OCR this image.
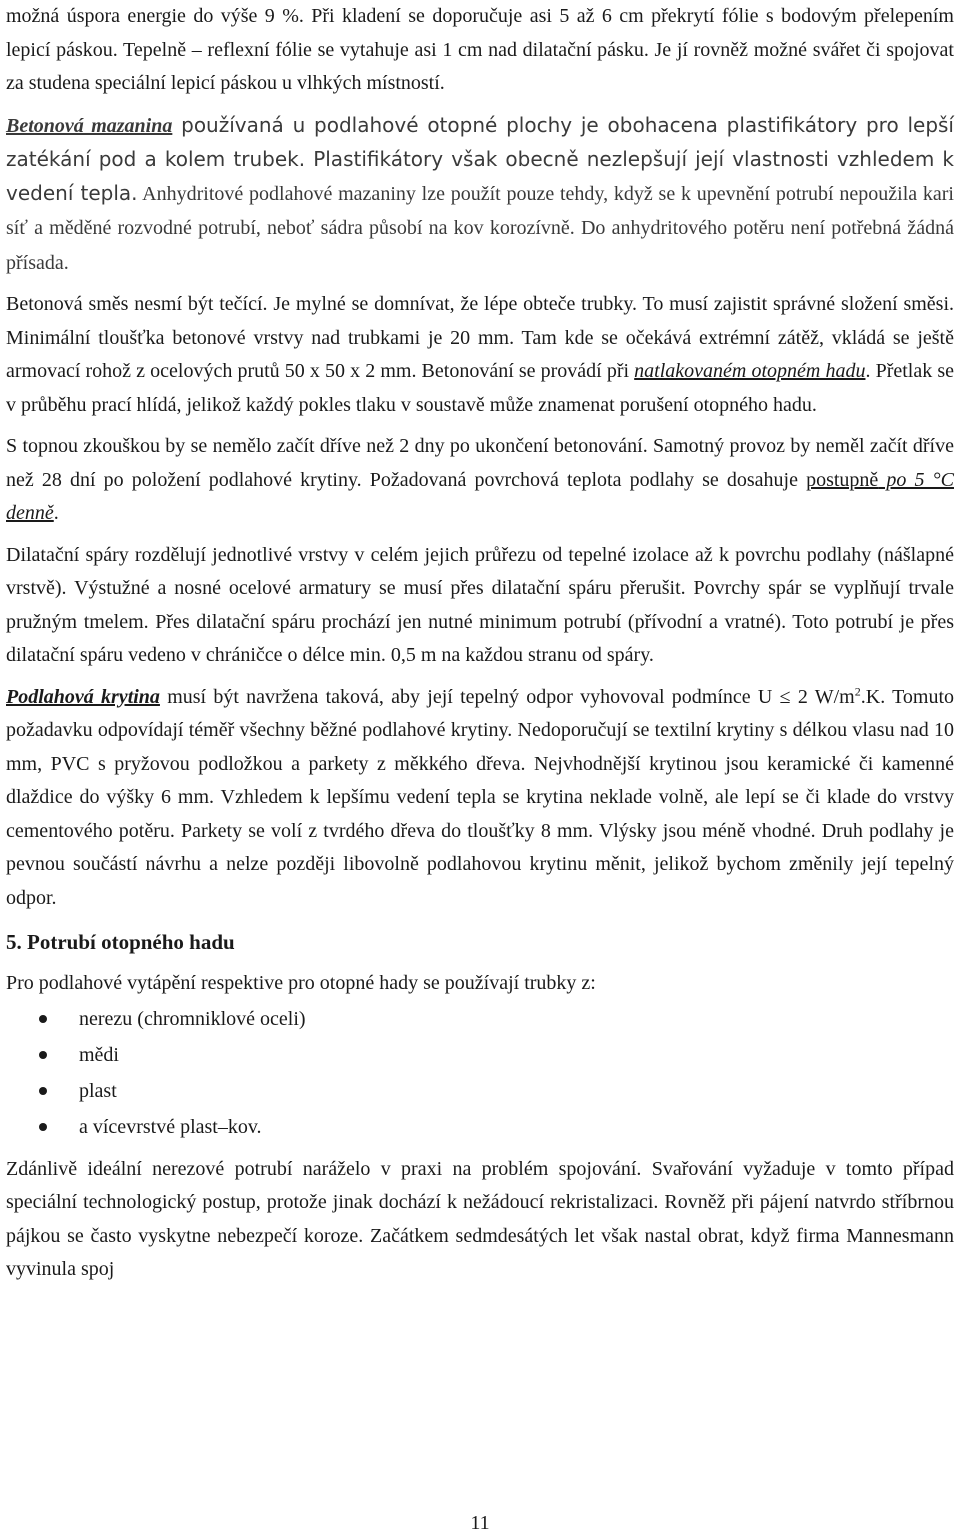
možná úspora energie do výše 9 %. Při kladení se doporučuje asi 5 až 6 cm překrytí fólie s bodovým přelepením lepicí páskou. Tepelně – reflexní fólie se vytahuje asi 1 cm nad dilatační pásku. Je jí rovněž možné svářet či spojovat za studena speciální lepicí páskou u vlhkých místností.

Betonová mazanina používaná u podlahové otopné plochy je obohacena plastifikátory pro lepší zatékání pod a kolem trubek. Plastifikátory však obecně nezlepšují její vlastnosti vzhledem k vedení tepla. Anhydritové podlahové mazaniny lze použít pouze tehdy, když se k upevnění potrubí nepoužila kari síť a měděné rozvodné potrubí, neboť sádra působí na kov korozívně. Do anhydritového potěru není potřebná žádná přísada.

Betonová směs nesmí být tečící. Je mylné se domnívat, že lépe obteče trubky. To musí zajistit správné složení směsi. Minimální tloušťka betonové vrstvy nad trubkami je 20 mm. Tam kde se očekává extrémní zátěž, vkládá se ještě armovací rohož z ocelových prutů 50 x 50 x 2 mm. Betonování se provádí při natlakovaném otopném hadu. Přetlak se v průběhu prací hlídá, jelikož každý pokles tlaku v soustavě může znamenat porušení otopného hadu.

S topnou zkouškou by se nemělo začít dříve než 2 dny po ukončení betonování. Samotný provoz by neměl začít dříve než 28 dní po položení podlahové krytiny. Požadovaná povrchová teplota podlahy se dosahuje postupně po 5 °C denně.

Dilatační spáry rozdělují jednotlivé vrstvy v celém jejich průřezu od tepelné izolace až k povrchu podlahy (nášlapné vrstvě). Výstužné a nosné ocelové armatury se musí přes dilatační spáru přerušit. Povrchy spár se vyplňují trvale pružným tmelem. Přes dilatační spáru prochází jen nutné minimum potrubí (přívodní a vratné). Toto potrubí je přes dilatační spáru vedeno v chráničce o délce min. 0,5 m na každou stranu od spáry.

Podlahová krytina musí být navržena taková, aby její tepelný odpor vyhovoval podmínce U ≤ 2 $W/m^2.K$. Tomuto požadavku odpovídají téměř všechny běžné podlahové krytiny. Nedoporučují se textilní krytiny s délkou vlasu nad 10 mm, PVC s pryžovou podložkou a parkety z měkkého dřeva. Nejvhodnější krytinou jsou keramické či kamenné dlaždice do výšky 6 mm. Vzhledem k lepšímu vedení tepla se krytina neklade volně, ale lepí se či klade do vrstvy cementového potěru. Parkety se volí z tvrdého dřeva do tloušťky 8 mm. Vlýsky jsou méně vhodné. Druh podlahy je pevnou součástí návrhu a nelze později libovolně podlahovou krytinu měnit, jelikož bychom změnily její tepelný odpor.

5. Potrubí otopného hadu

Pro podlahové vytápění respektive pro otopné hady se používají trubky z:

nerezu (chromniklové oceli)
mědi
plast
a vícevrstvé plast–kov.

Zdánlivě ideální nerezové potrubí naráželo v praxi na problém spojování. Svařování vyžaduje v tomto případ speciální technologický postup, protože jinak dochází k nežádoucí rekristalizaci. Rovněž při pájení natvrdo stříbrnou pájkou se často vyskytne nebezpečí koroze. Začátkem sedmdesátých let však nastal obrat, když firma Mannesmann vyvinula spoj

11
